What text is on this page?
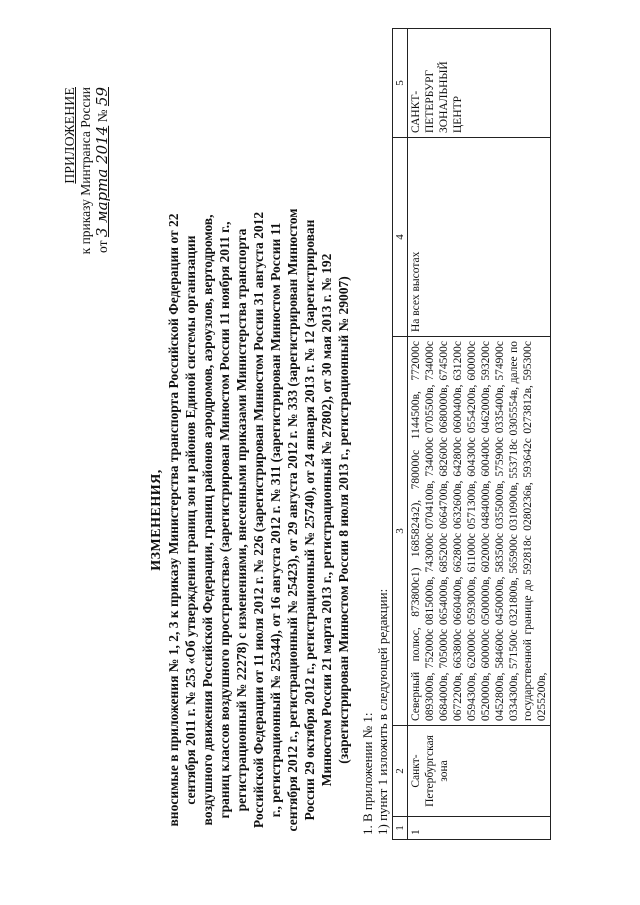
ПРИЛОЖЕНИЕ к приказу Минтранса России от 3 марта 2014 № 59
ИЗМЕНЕНИЯ, вносимые в приложения № 1, 2, 3 к приказу Министерства транспорта Российской Федерации от 22 сентября 2011 г. № 253 «Об утверждении границ зон и районов Единой системы организации воздушного движения Российской Федерации, границ районов аэродромов, аэроузлов, вертодромов, границ классов воздушного пространства» (зарегистрирован Минюстом России 11 ноября 2011 г., регистрационный № 22278) с изменениями, внесенными приказами Министерства транспорта Российской Федерации от 11 июля 2012 г. № 226 (зарегистрирован Минюстом России 31 августа 2012 г., регистрационный № 25344), от 16 августа 2012 г. № 311 (зарегистрирован Минюстом России 11 сентября 2012 г., регистрационный № 25423), от 29 августа 2012 г. № 333 (зарегистрирован Минюстом России 29 октября 2012 г., регистрационный № 25740), от 24 января 2013 г. № 12 (зарегистрирован Минюстом России 21 марта 2013 г., регистрационный № 27802), от 30 мая 2013 г. № 192 (зарегистрирован Минюстом России 8 июля 2013 г., регистрационный № 29007)
1. В приложении № 1: 1) пункт 1 изложить в следующей редакции: 1	2	3	4	5
1	Санкт-Петербургская зона	Северный полюс, 873800с1) 1685824з2), 780000с 1144500в, 772000с 0893000в, 752000с 0815000в, 743000с 0704100в, 734000с 0705500в, 734000с 0684000в, 705000с 0654000в, 685200с 0664700в, 682600с 0680000в, 674500с 0672200в, 663800с 0660400в, 662800с 0632600в, 642800с 0600400в, 631200с 0594300в, 620000с 0593000в, 611000с 0571300в, 604300с 0554200в, 600000с 0520000в, 600000с 0500000в, 602000с 0484000в, 600400с 0462000в, 593200с 0452800в, 584600с 0450000в, 583500с 0355000в, 575900с 0335400в, 574900с 0334300в, 571500с 0321800в, 565900с 0310900в, 553718с 0305554в, далее по государственной границе до 592818с 0280236в, 593642с 0273812в, 595300с 0255200в,	На всех высотах	САНКТ-ПЕТЕРБУРГ ЗОНАЛЬНЫЙ ЦЕНТР
